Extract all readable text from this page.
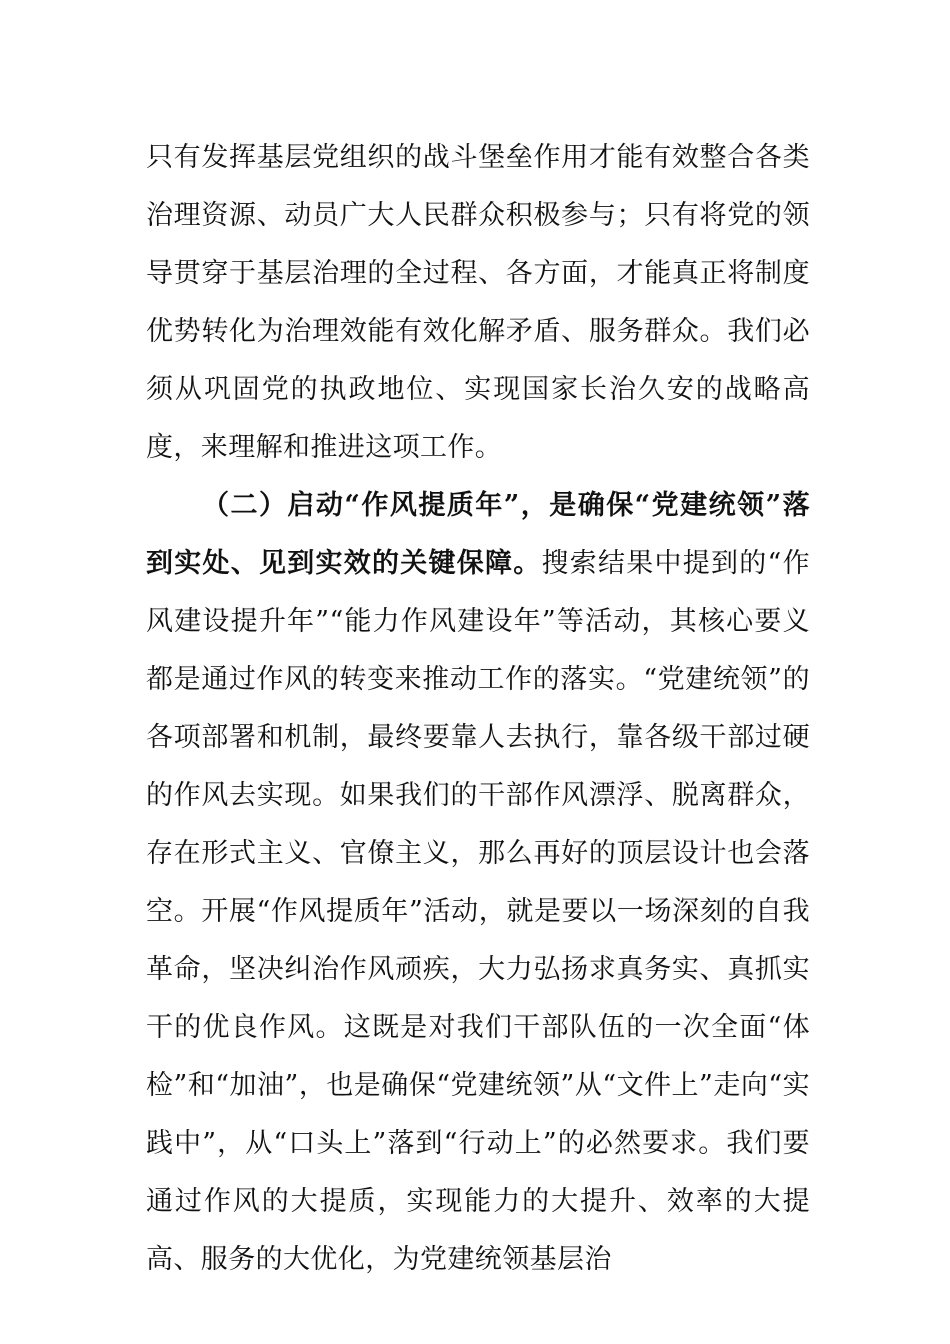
只有发挥基层党组织的战斗堡垒作用才能有效整合各类治理资源、动员广大人民群众积极参与；只有将党的领导贯穿于基层治理的全过程、各方面，才能真正将制度优势转化为治理效能有效化解矛盾、服务群众。我们必须从巩固党的执政地位、实现国家长治久安的战略高度，来理解和推进这项工作。

（二）启动“作风提质年”，是确保“党建统领”落到实处、见到实效的关键保障。搜索结果中提到的“作风建设提升年”“能力作风建设年”等活动，其核心要义都是通过作风的转变来推动工作的落实。“党建统领”的各项部署和机制，最终要靠人去执行，靠各级干部过硬的作风去实现。如果我们的干部作风漂浮、脱离群众，存在形式主义、官僚主义，那么再好的顶层设计也会落空。开展“作风提质年”活动，就是要以一场深刻的自我革命，坚决纠治作风顽疾，大力弘扬求真务实、真抓实干的优良作风。这既是对我们干部队伍的一次全面“体检”和“加油”，也是确保“党建统领”从“文件上”走向“实践中”，从“口头上”落到“行动上”的必然要求。我们要通过作风的大提质，实现能力的大提升、效率的大提高、服务的大优化，为党建统领基层治
